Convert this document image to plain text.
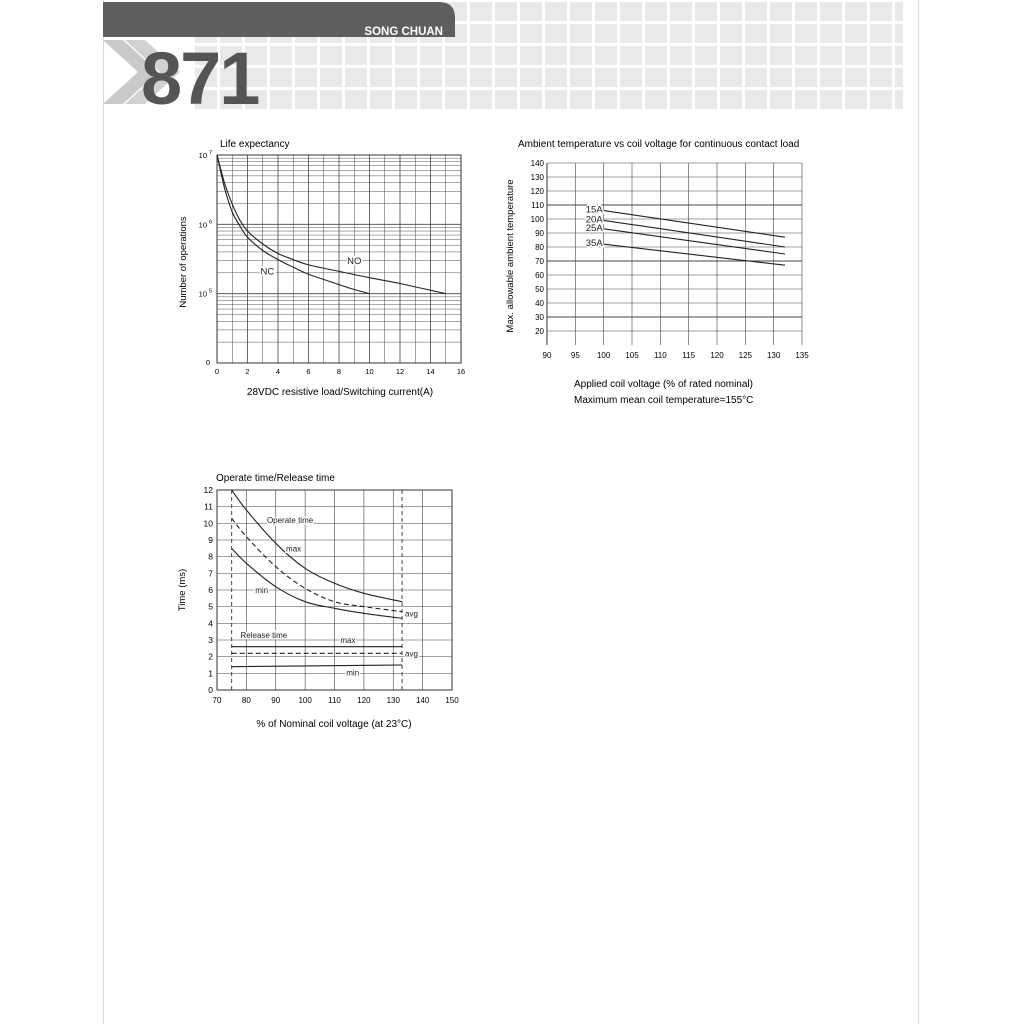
SONG CHUAN
871
Life expectancy
28VDC resistive load/Switching current(A)
Number of operations
0	2	4	6	8	10	12	14	16
10 7
10 6
10 5
0
NO
NC
Ambient temperature vs coil voltage for continuous contact load
Applied coil voltage (% of rated nominal)
Maximum mean coil temperature=155°C
Max. allowable ambient temperature
90 95 100 105 110 115 120 125 130 135
140
130
120
110
100
90
80
70
60
50
40
30
20
15A
20A
25A
35A
Operate time/Release time
% of Nominal coil voltage (at 23°C)
Time (ms)
70	80	90 100 110 120 130 140 150
0
1
2
3
4
5
6
7
8
9
10
11
12
Operate time
Release time
max
min
avg
max
min
avg
